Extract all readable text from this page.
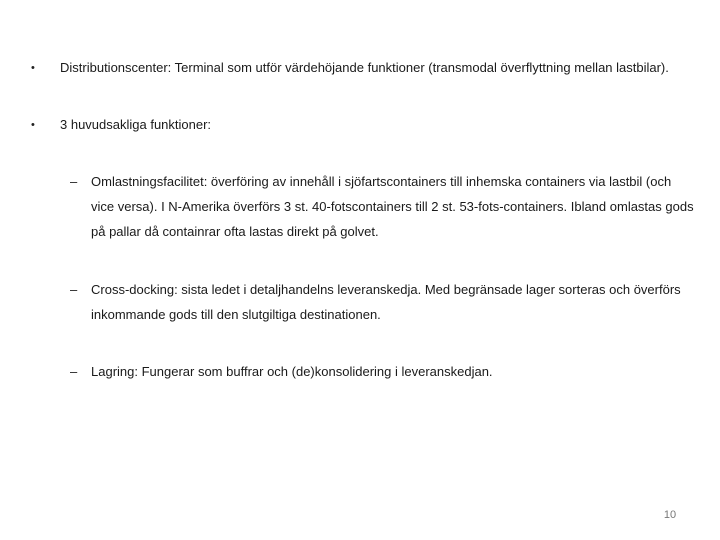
• Distributionscenter: Terminal som utför värdehöjande funktioner (transmodal överflyttning mellan lastbilar).
• 3 huvudsakliga funktioner:
– Omlastningsfacilitet: överföring av innehåll i sjöfartscontainers till inhemska containers via lastbil (och
vice versa). I N-Amerika överförs 3 st. 40-fotscontainers till 2 st. 53-fots-containers. Ibland omlastas gods
på pallar då containrar ofta lastas direkt på golvet.
– Cross-docking: sista ledet i detaljhandelns leveranskedja. Med begränsade lager sorteras och överförs
inkommande gods till den slutgiltiga destinationen.
– Lagring: Fungerar som buffrar och (de)konsolidering i leveranskedjan.
10
